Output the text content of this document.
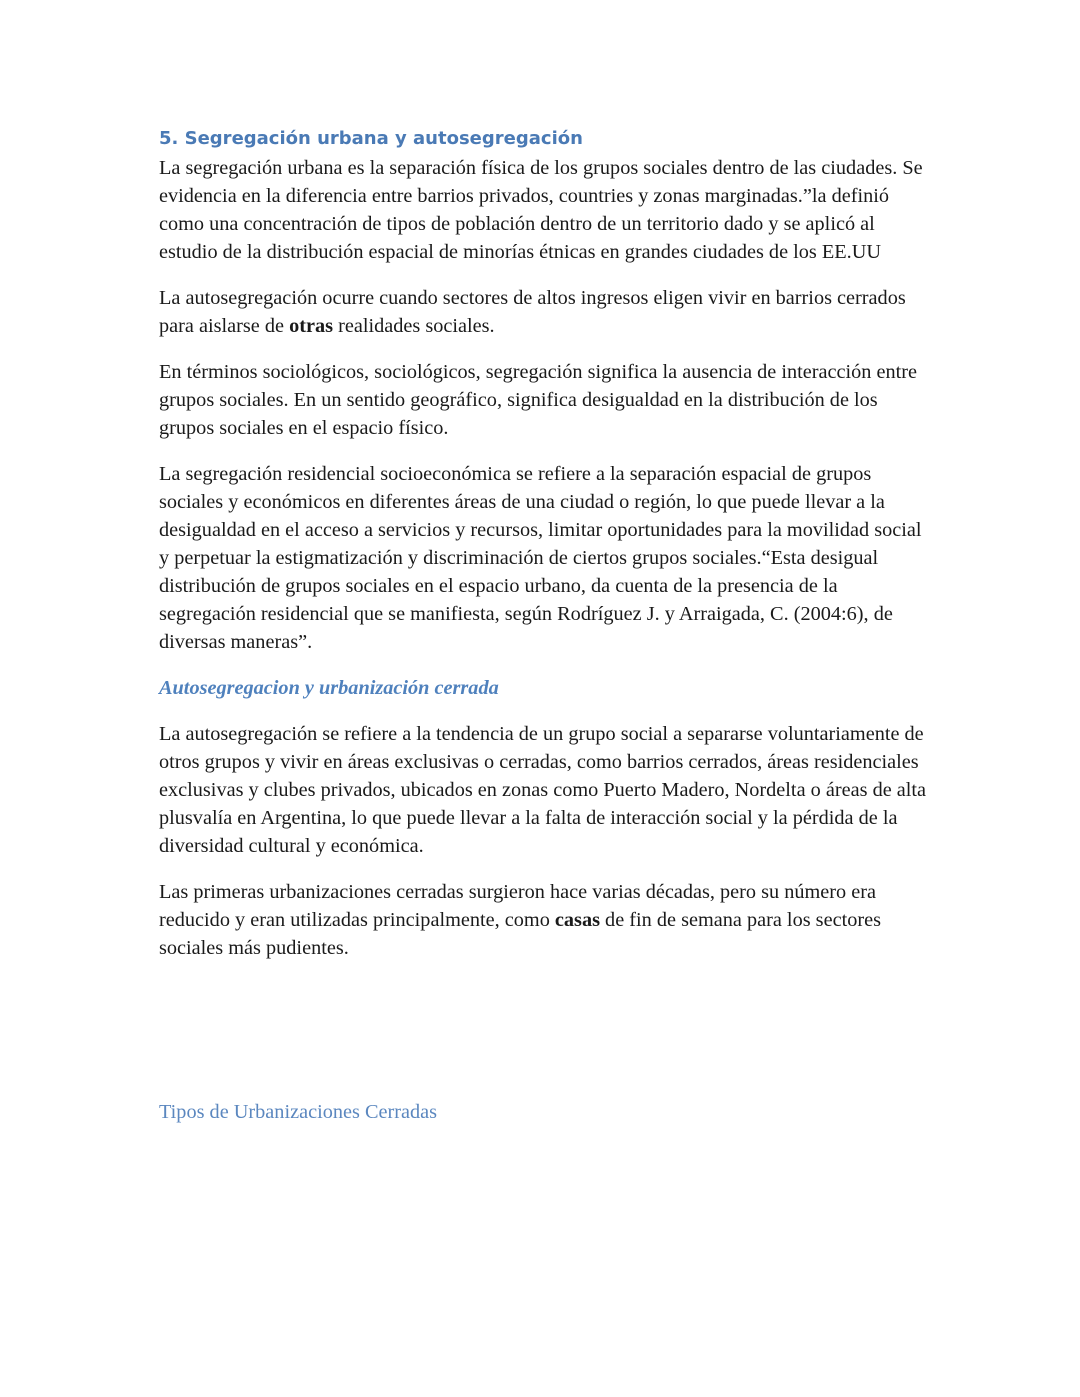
5. Segregación urbana y autosegregación

La segregación urbana es la separación física de los grupos sociales dentro de las ciudades. Se evidencia en la diferencia entre barrios privados, countries y zonas marginadas.”la definió como una concentración de tipos de población dentro de un territorio dado y se aplicó al estudio de la distribución espacial de minorías étnicas en grandes ciudades de los EE.UU

La autosegregación ocurre cuando sectores de altos ingresos eligen vivir en barrios cerrados para aislarse de otras realidades sociales.

En términos sociológicos, sociológicos, segregación significa la ausencia de interacción entre grupos sociales. En un sentido geográfico, significa desigualdad en la distribución de los grupos sociales en el espacio físico.

La segregación residencial socioeconómica se refiere a la separación espacial de grupos sociales y económicos en diferentes áreas de una ciudad o región, lo que puede llevar a la desigualdad en el acceso a servicios y recursos, limitar oportunidades para la movilidad social y perpetuar la estigmatización y discriminación de ciertos grupos sociales.“Esta desigual distribución de grupos sociales en el espacio urbano, da cuenta de la presencia de la segregación residencial que se manifiesta, según Rodríguez J. y Arraigada, C. (2004:6), de diversas maneras”.

Autosegregacion y urbanización cerrada

La autosegregación se refiere a la tendencia de un grupo social a separarse voluntariamente de otros grupos y vivir en áreas exclusivas o cerradas, como barrios cerrados, áreas residenciales exclusivas y clubes privados, ubicados en zonas como Puerto Madero, Nordelta o áreas de alta plusvalía en Argentina, lo que puede llevar a la falta de interacción social y la pérdida de la diversidad cultural y económica.

Las primeras urbanizaciones cerradas surgieron hace varias décadas, pero su número era reducido y eran utilizadas principalmente, como casas de fin de semana para los sectores sociales más pudientes.

Tipos de Urbanizaciones Cerradas
